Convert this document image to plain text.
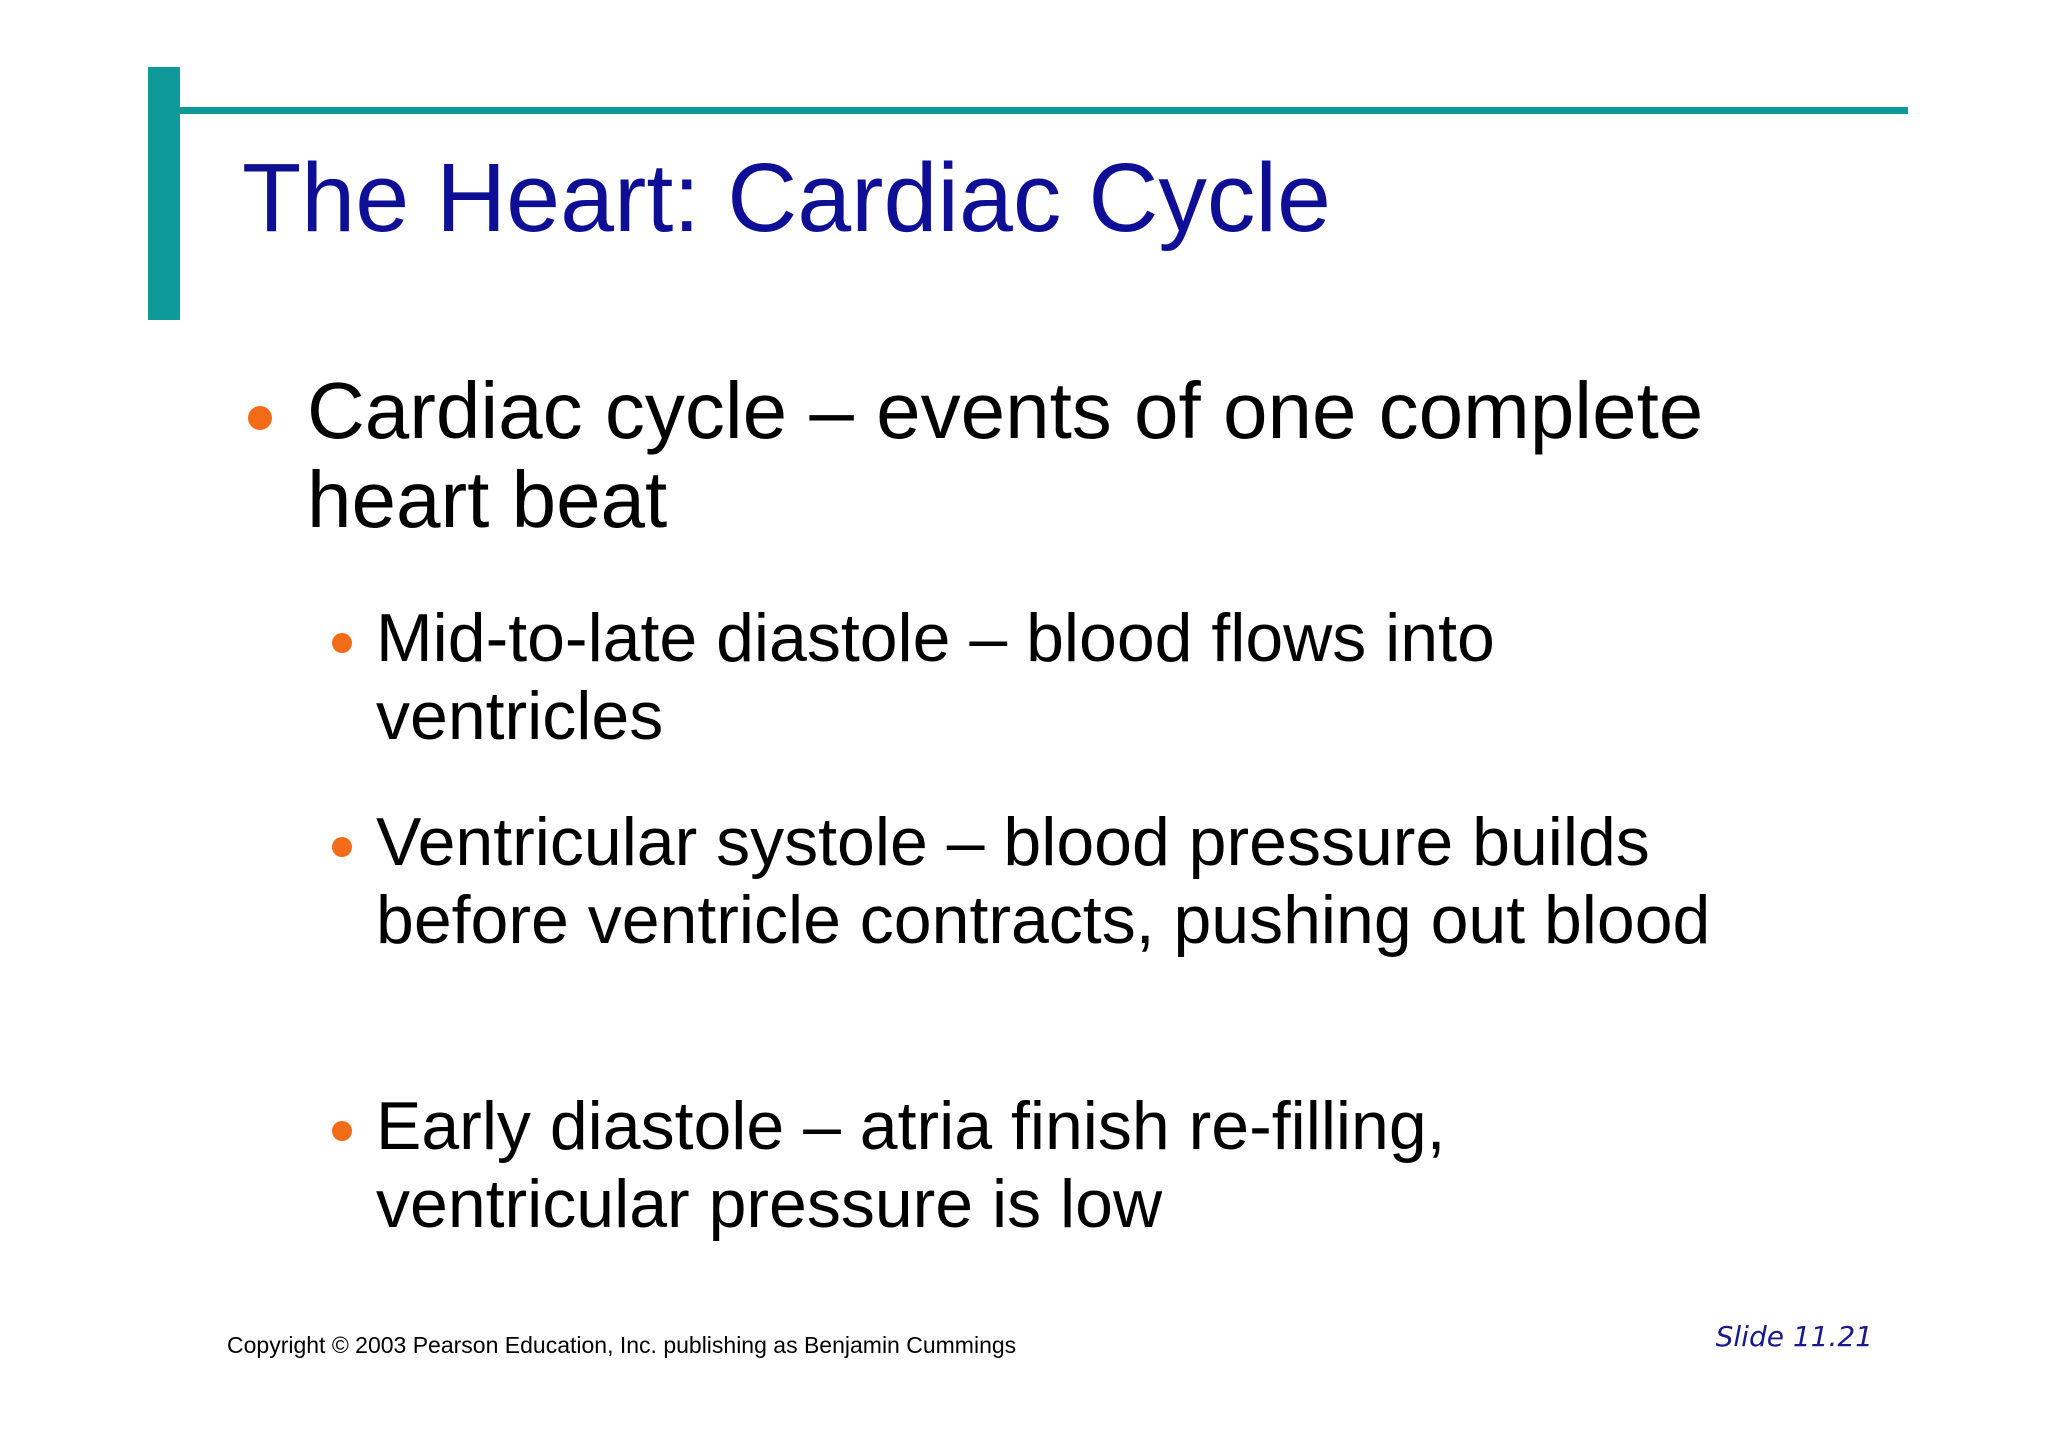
The Heart: Cardiac Cycle
Cardiac cycle – events of one complete heart beat
Mid-to-late diastole – blood flows into ventricles
Ventricular systole – blood pressure builds before ventricle contracts, pushing out blood
Early diastole – atria finish re-filling, ventricular pressure is low
Copyright © 2003 Pearson Education, Inc. publishing as Benjamin Cummings	Slide 11.21
